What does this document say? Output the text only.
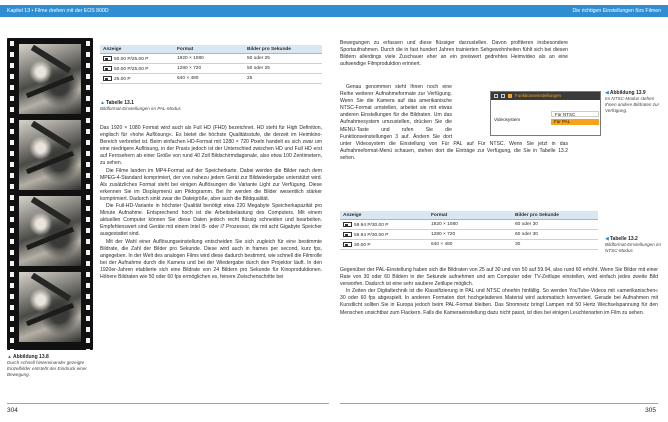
Kapitel 13 • Filme drehen mit der EOS 800D
▲Abbildung 13.8
Durch schnell hintereinander gezeigte Einzelbilder entsteht der Eindruck einer Bewegung.
Anzeige	Format	Bilder pro Sekunde
50.00 P/25.00 P	1920 × 1080	50 oder 25
50.00 P/25.00 P	1280 × 720	50 oder 25
25.00 P	640 × 480	25
▲Tabelle 13.1
Bildformat-Einstellungen im PAL-Modus

Das 1920 × 1080 Format wird auch als Full HD (FHD) bezeichnet. HD steht für High Definition, englisch für »hohe Auflösung«. Es bietet die höchste Qualitätsstufe, die derzeit im Heimkino-Bereich verbreitet ist. Beim einfachen HD-Format mit 1280 × 720 Pixeln handelt es sich zwar um eine niedrigere Auflösung, in der Praxis jedoch ist der Unterschied zwischen HD und Full HD erst auf Fernsehern ab einer Größe von rund 40 Zoll Bildschirmdiagonale, also etwa 100 Zentimetern, zu sehen.

Die Filme landen im MP4-Format auf der Speicherkarte. Dabei werden die Bilder nach dem MPEG-4-Standard komprimiert, der von nahezu jedem Gerät zur Bildwiedergabe unterstützt wird. Als zusätzliches Format steht bei einigen Auflösungen die Variante Light zur Verfügung. Diese erkennen Sie im Displaymenü am Piktogramm. Bei ihr werden die Bilder wesentlich stärker komprimiert. Dadurch sinkt zwar die Dateigröße, aber auch die Bildqualität.

Die Full-HD-Variante in höchster Qualität benötigt etwa 220 Megabyte Speicherkapazität pro Minute Aufnahme. Entsprechend hoch ist die Arbeitsbelastung des Computers. Mit einem aktuellen Computer können Sie diese Daten jedoch recht flüssig schneiden und bearbeiten. Empfehlenswert sind Geräte mit einem Intel i5- oder i7 Prozessor, die mit acht Gigabyte Speicher ausgestattet sind.

Mit der Wahl einer Auflösungseinstellung entscheiden Sie sich zugleich für eine bestimmte Bildrate, die Zahl der Bilder pro Sekunde. Diese wird auch in frames per second, kurz fps, angegeben. In der Welt des analogen Films wird diese dadurch bestimmt, wie schnell die Filmrolle bei der Aufnahme durch die Kamera und bei der Wiedergabe durch den Projektor läuft. In den 1920er-Jahren etablierte sich eine Bildrate von 24 Bildern pro Sekunde für Kinoproduktionen. Höhere Bildraten wie 50 oder 60 fps ermöglichen es, feinere Zwischenschritte bei

304
Die richtigen Einstellungen fürs Filmen

Bewegungen zu erfassen und diese flüssiger darzustellen. Davon profitieren insbesondere Sportaufnahmen. Durch die in fast hundert Jahren trainierten Sehgewohnheiten fühlt sich bei diesen Bildern allerdings viele Zuschauer eher an ein preiswert gedrehtes Heimvideo als an eine aufwendige Filmproduktion erinnert.

Genau genommen steht Ihnen noch eine Reihe weiterer Aufnahmeformate zur Verfügung. Wenn Sie die Kamera auf das amerikanische NTSC-Format umstellen, arbeitet sie mit etwas anderen Einstellungen für die Bildraten. Um das Aufnahmesystem umzustellen, drücken Sie die MENU-Taste und rufen Sie die Funktionseinstellungen 3 auf. Ändern Sie dort unter Videosystem die Einstellung von Für PAL auf Für NTSC. Wenn Sie jetzt in das Aufnahmeformat-Menü schauen, stehen dort die Einträge zur Verfügung, die Sie in Tabelle 13.2 sehen.

Funktionseinstellungen
Videosystem
Für NTSC
Für PAL
◀Abbildung 13.9
Im NTSC-Modus stehen Ihnen andere Bildraten zur Verfügung.
Anzeige	Format	Bilder pro Sekunde
59.94 P/30.00 P	1920 × 1080	60 oder 30
59.94 P/30.00 P	1280 × 720	60 oder 30
30.00 P	640 × 480	30
◀Tabelle 13.2
Bildformat-Einstellungen im NTSC-Modus

Gegenüber der PAL-Einstellung haben sich die Bildraten von 25 auf 30 und von 50 auf 59.94, also rund 60 erhöht. Wenn Sie Bilder mit einer Rate von 30 oder 60 Bildern in der Sekunde aufnehmen und am Computer oder TV-Zeitlupe einstellen, wird einfach jedes zweite Bild verworfen. Dadurch ist eine sehr saubere Zeitlupe möglich.

In Zeiten der Digitaltechnik ist die Klassifizierung in PAL und NTSC ohnehin hinfällig. So werden YouTube-Videos mit »amerikanischen« 30 oder 60 fps abgespielt. In anderen Formaten dort hochgeladenes Material wird automatisch konvertiert. Gerade bei Aufnahmen mit Kunstlicht sollten Sie in Europa jedoch beim PAL-Format bleiben. Das Stromnetz bringt Lampen mit 50 Hertz Wechselspannung für den Menschen unsichtbar zum Flackern. Falls die Kameraeinstellung dazu nicht passt, ist dies bei einigen Leuchtenarten im Film zu sehen.

305
